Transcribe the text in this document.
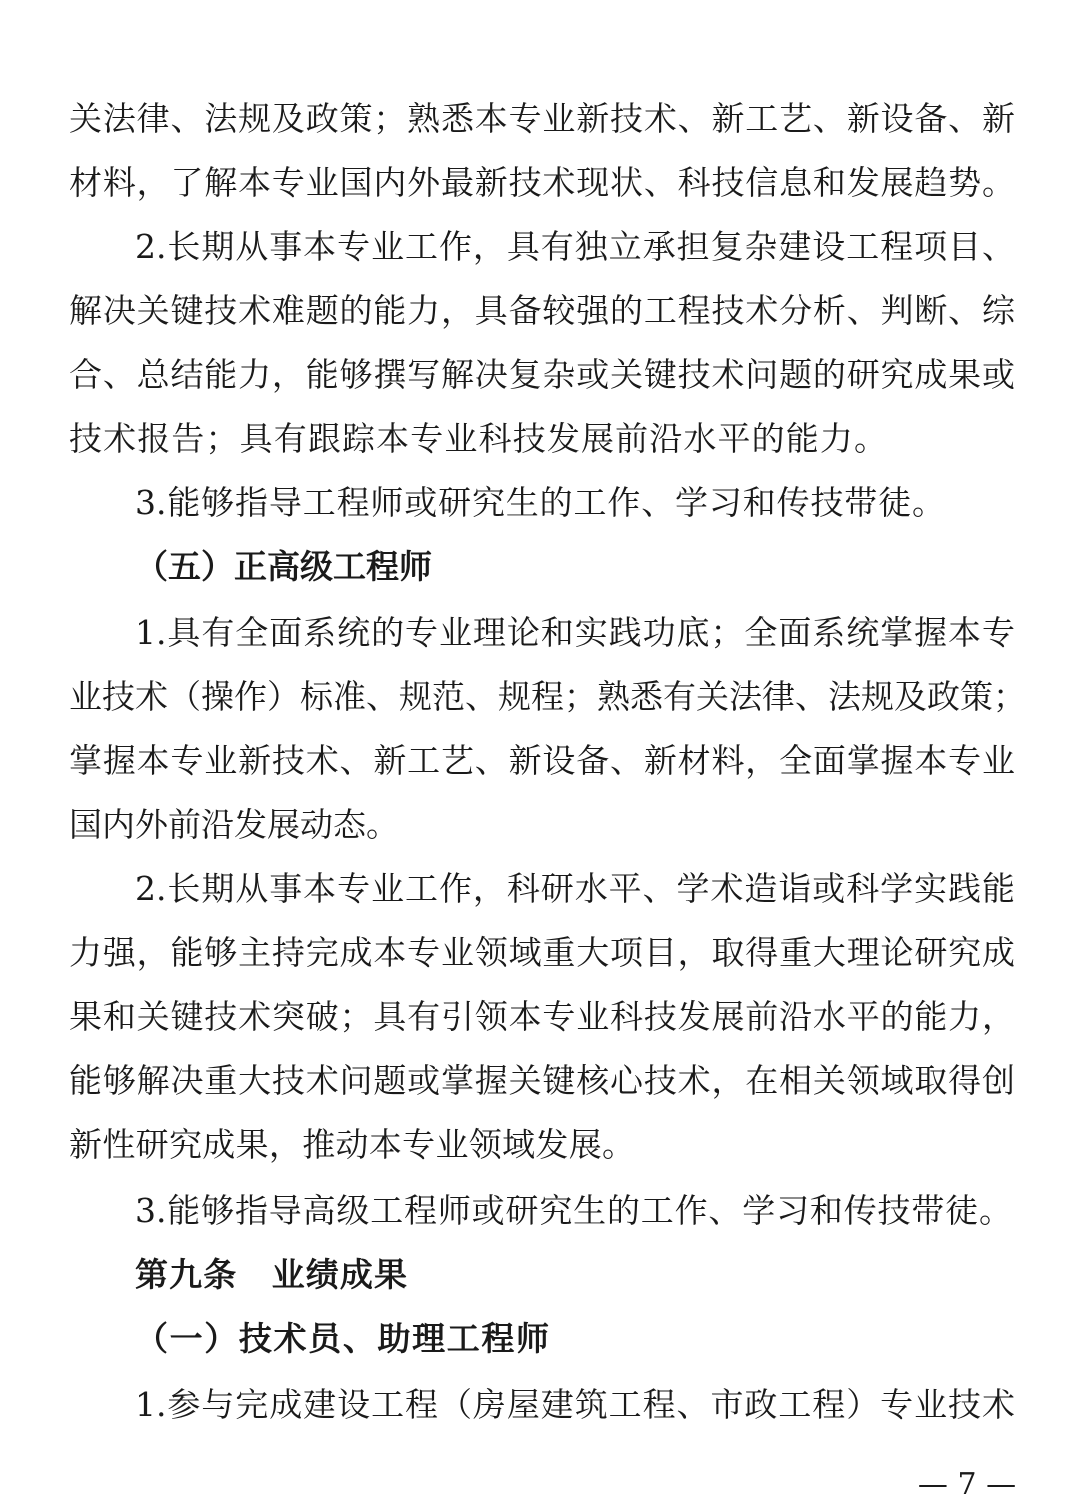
关法律、法规及政策；熟悉本专业新技术、新工艺、新设备、新
材料，了解本专业国内外最新技术现状、科技信息和发展趋势。
2.长期从事本专业工作，具有独立承担复杂建设工程项目、
解决关键技术难题的能力，具备较强的工程技术分析、判断、综
合、总结能力，能够撰写解决复杂或关键技术问题的研究成果或
技术报告；具有跟踪本专业科技发展前沿水平的能力。
3.能够指导工程师或研究生的工作、学习和传技带徒。
（五）正高级工程师
1.具有全面系统的专业理论和实践功底；全面系统掌握本专
业技术（操作）标准、规范、规程；熟悉有关法律、法规及政策；
掌握本专业新技术、新工艺、新设备、新材料，全面掌握本专业
国内外前沿发展动态。
2.长期从事本专业工作，科研水平、学术造诣或科学实践能
力强，能够主持完成本专业领域重大项目，取得重大理论研究成
果和关键技术突破；具有引领本专业科技发展前沿水平的能力，
能够解决重大技术问题或掌握关键核心技术，在相关领域取得创
新性研究成果，推动本专业领域发展。
3.能够指导高级工程师或研究生的工作、学习和传技带徒。
第九条　业绩成果
（一）技术员、助理工程师
1.参与完成建设工程（房屋建筑工程、市政工程）专业技术
— 7 —
